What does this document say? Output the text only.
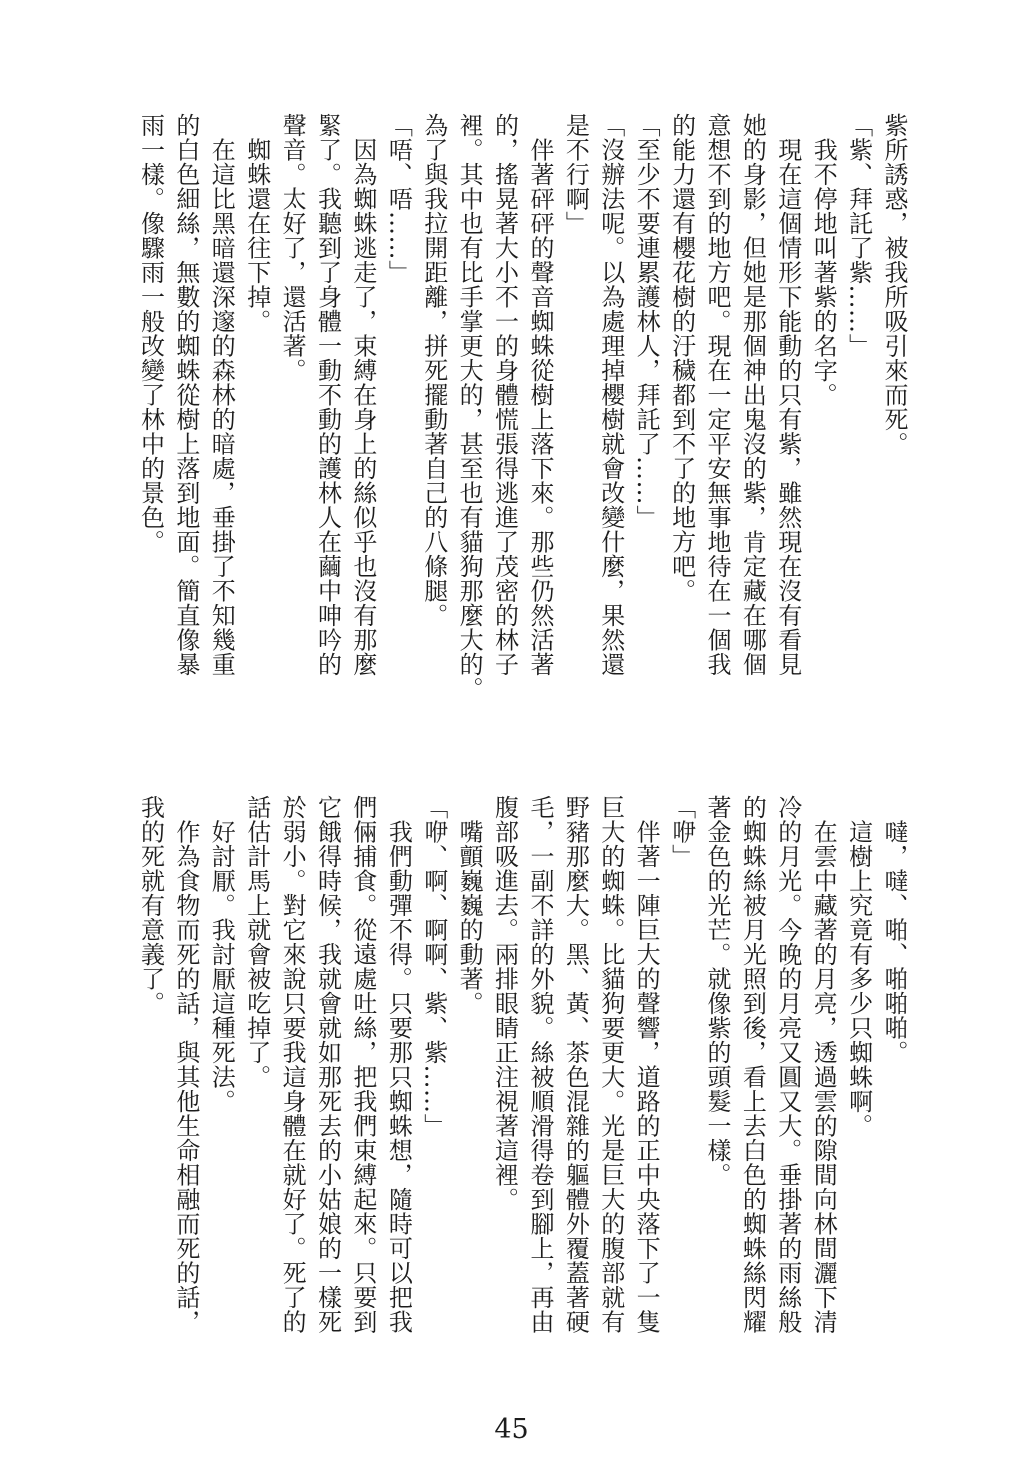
紫所誘惑，被我所吸引來而死。
「紫、拜託了紫……」
　我不停地叫著紫的名字。
　現在這個情形下能動的只有紫，雖然現在沒有看見
她的身影，但她是那個神出鬼沒的紫，肯定藏在哪個
意想不到的地方吧。現在一定平安無事地待在一個我
的能力還有櫻花樹的汙穢都到不了的地方吧。
「至少不要連累護林人，拜託了……」
「沒辦法呢。以為處理掉櫻樹就會改變什麼，果然還
是不行啊」
　伴著砰砰的聲音蜘蛛從樹上落下來。那些仍然活著
的，搖晃著大小不一的身體慌張得逃進了茂密的林子
裡。其中也有比手掌更大的，甚至也有貓狗那麼大的。
為了與我拉開距離，拼死擺動著自己的八條腿。
「唔、唔……」
　因為蜘蛛逃走了，束縛在身上的絲似乎也沒有那麼
緊了。我聽到了身體一動不動的護林人在繭中呻吟的
聲音。太好了，還活著。
　蜘蛛還在往下掉。
　在這比黑暗還深邃的森林的暗處，垂掛了不知幾重
的白色細絲，無數的蜘蛛從樹上落到地面。簡直像暴
雨一樣。像驟雨一般改變了林中的景色。
　噠，噠、啪、啪啪啪。
　這樹上究竟有多少只蜘蛛啊。
　在雲中藏著的月亮，透過雲的隙間向林間灑下清
冷的月光。今晚的月亮又圓又大。垂掛著的雨絲般
的蜘蛛絲被月光照到後，看上去白色的蜘蛛絲閃耀
著金色的光芒。就像紫的頭髮一樣。
「咿」
　伴著一陣巨大的聲響，道路的正中央落下了一隻
巨大的蜘蛛。比貓狗要更大。光是巨大的腹部就有
野豬那麼大。黑、黃、茶色混雜的軀體外覆蓋著硬
毛，一副不詳的外貌。絲被順滑得卷到腳上，再由
腹部吸進去。兩排眼睛正注視著這裡。
　嘴顫巍巍的動著。
「咿、啊、啊啊、紫、紫……」
　我們動彈不得。只要那只蜘蛛想，隨時可以把我
們倆捕食。從遠處吐絲，把我們束縛起來。只要到
它餓得時候，我就會就如那死去的小姑娘的一樣死
於弱小。對它來說只要我這身體在就好了。死了的
話估計馬上就會被吃掉了。
　好討厭。我討厭這種死法。
　作為食物而死的話，與其他生命相融而死的話，
我的死就有意義了。
45
